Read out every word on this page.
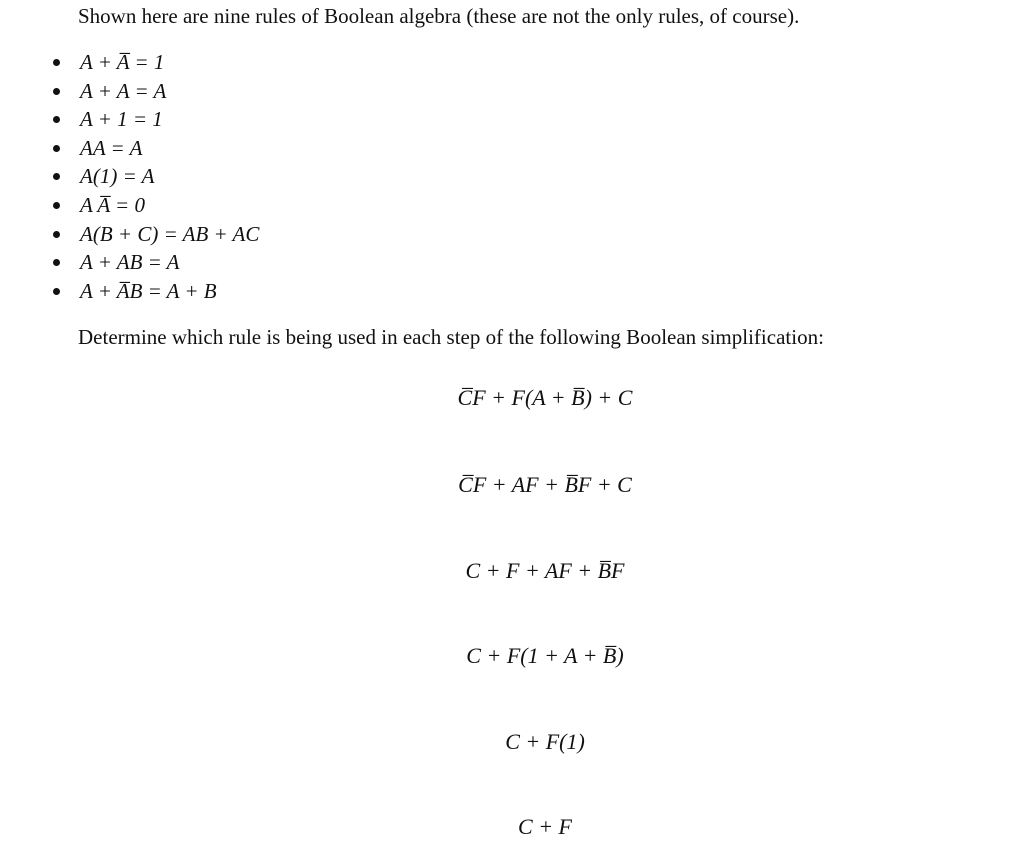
Shown here are nine rules of Boolean algebra (these are not the only rules, of course).
A + A̅ = 1
A + A = A
A + 1 = 1
AA = A
A(1) = A
A A̅ = 0
A(B + C) = AB + AC
A + AB = A
A + A̅B = A + B
Determine which rule is being used in each step of the following Boolean simplification:
C̅F + F(A + B̅) + C
C̅F + AF + B̅F + C
C + F + AF + B̅F
C + F(1 + A + B̅)
C + F(1)
C + F
